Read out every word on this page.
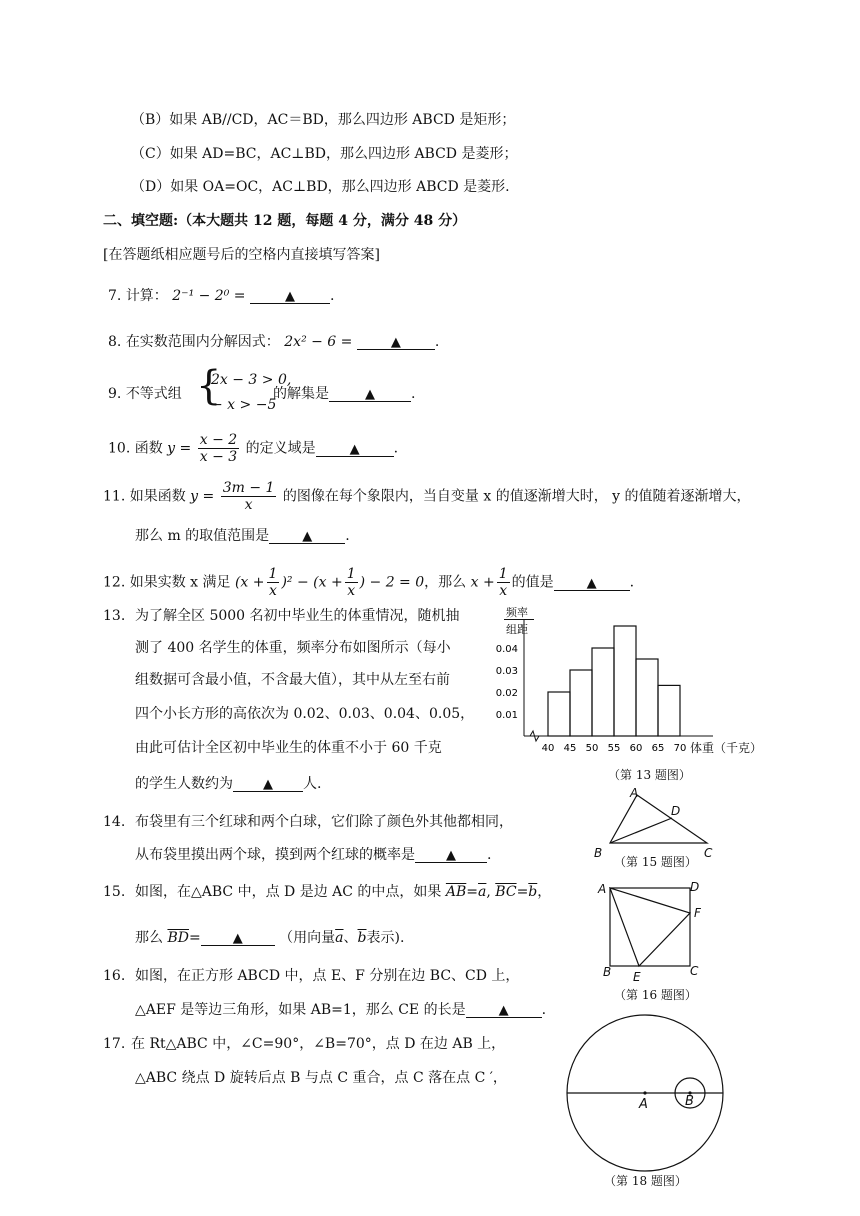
（B）如果 AB//CD，AC＝BD，那么四边形 ABCD 是矩形；
（C）如果 AD=BC，AC⊥BD，那么四边形 ABCD 是菱形；
（D）如果 OA=OC，AC⊥BD，那么四边形 ABCD 是菱形.
二、填空题:（本大题共 12 题，每题 4 分，满分 48 分）
[在答题纸相应题号后的空格内直接填写答案]
7. 计算： 2⁻¹ − 2⁰ =	▲	.
8. 在实数范围内分解因式： 2x² − 6 =	▲ .
9. 不等式组 {
2x − 3 > 0,
− x > −5
的解集是	▲	.
10. 函数 $y = \frac{x - 2}{x - 3}$ 的定义域是	▲ .
11. 如果函数 $y = \frac{3m - 1}{x}$ 的图像在每个象限内，当自变量 x 的值逐渐增大时， y 的值随着逐渐增大，
那么 m 的取值范围是	▲ .
12. 如果实数 x 满足 $(x + \frac{1}{x} )^2 - (x + \frac{1}{x}$ ) − 2 = 0，那么 $x + \frac{1}{x}$ 的值是	▲ .
13. 为了解全区 5000 名初中毕业生的体重情况，随机抽
测了 400 名学生的体重，频率分布如图所示（每小
组数据可含最小值，不含最大值），其中从左至右前
四个小长方形的高依次为 0.02、0.03、0.04、0.05，
由此可估计全区初中毕业生的体重不小于 60 千克
的学生人数约为 ▲ 人.
40 45 50 55 60 65 70
0.01
0.02
0.03
0.04
频率
组距
体重（千克）
（第 13 题图）
14. 布袋里有三个红球和两个白球，它们除了颜色外其他都相同，
从布袋里摸出两个球，摸到两个红球的概率是 ▲ .
A
D
B	C
（第 15 题图）
15. 如图，在△ABC 中，点 D 是边 AC 的中点，如果 $\overline{AB}=\overline{a}$, $\overline{BC}=\overline{b}$，
那么 $\overline{BD}=$ ▲	（用向量$\overline{a}$、$\overline{b}$表示).
A	D
F
B E	C
（第 16 题图）
16. 如图，在正方形 ABCD 中，点 E、F 分别在边 BC、CD 上，
△AEF 是等边三角形，如果 AB=1，那么 CE 的长是	▲ .
17. 在 Rt△ABC 中，∠C=90°，∠B=70°，点 D 在边 AB 上，
△ABC 绕点 D 旋转后点 B 与点 C 重合，点 C 落在点 C ′，
A	B
（第 18 题图）
